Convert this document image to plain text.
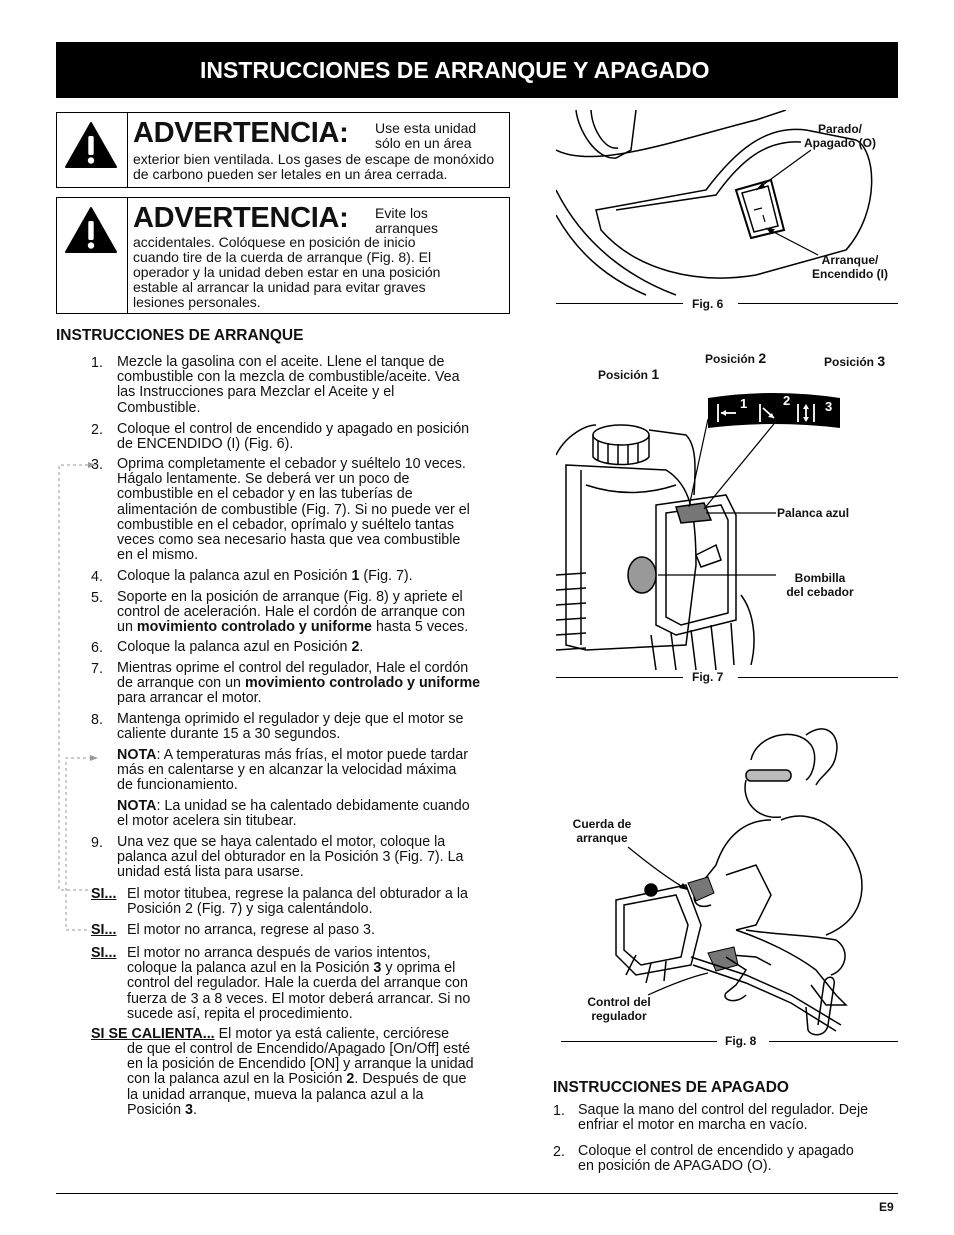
INSTRUCCIONES DE ARRANQUE Y APAGADO
ADVERTENCIA: Use esta unidad
sólo en un área
exterior bien ventilada. Los gases de escape de monóxido
de carbono pueden ser letales en un área cerrada.
ADVERTENCIA: Evite los
arranques
accidentales. Colóquese en posición de inicio
cuando tire de la cuerda de arranque (Fig. 8). El
operador y la unidad deben estar en una posición
estable al arrancar la unidad para evitar graves
lesiones personales.
INSTRUCCIONES DE ARRANQUE
1. Mezcle la gasolina con el aceite. Llene el tanque de
combustible con la mezcla de combustible/aceite. Vea
las Instrucciones para Mezclar el Aceite y el
Combustible.
2. Coloque el control de encendido y apagado en posición
de ENCENDIDO (I) (Fig. 6).
3. Oprima completamente el cebador y suéltelo 10 veces.
Hágalo lentamente. Se deberá ver un poco de
combustible en el cebador y en las tuberías de
alimentación de combustible (Fig. 7). Si no puede ver el
combustible en el cebador, oprímalo y suéltelo tantas
veces como sea necesario hasta que vea combustible
en el mismo.
4. Coloque la palanca azul en Posición 1 (Fig. 7).
5. Soporte en la posición de arranque (Fig. 8) y apriete el
control de aceleración. Hale el cordón de arranque con
un movimiento controlado y uniforme hasta 5 veces.
6. Coloque la palanca azul en Posición 2.
7. Mientras oprime el control del regulador, Hale el cordón
de arranque con un movimiento controlado y uniforme
para arrancar el motor.
8. Mantenga oprimido el regulador y deje que el motor se
caliente durante 15 a 30 segundos.
NOTA: A temperaturas más frías, el motor puede tardar
más en calentarse y en alcanzar la velocidad máxima
de funcionamiento.
NOTA: La unidad se ha calentado debidamente cuando
el motor acelera sin titubear.
9. Una vez que se haya calentado el motor, coloque la
palanca azul del obturador en la Posición 3 (Fig. 7). La
unidad está lista para usarse.
SI... El motor titubea, regrese la palanca del obturador a la
Posición 2 (Fig. 7) y siga calentándolo.
SI... El motor no arranca, regrese al paso 3.
SI... El motor no arranca después de varios intentos,
coloque la palanca azul en la Posición 3 y oprima el
control del regulador. Hale la cuerda del arranque con
fuerza de 3 a 8 veces. El motor deberá arrancar. Si no
sucede así, repita el procedimiento.
SI SE CALIENTA... El motor ya está caliente, cerciórese
de que el control de Encendido/Apagado [On/Off] esté
en la posición de Encendido [ON] y arranque la unidad
con la palanca azul en la Posición 2. Después de que
la unidad arranque, mueva la palanca azul a la
Posición 3.
Parado/
Apagado (O)
Arranque/
Encendido (I)
Fig. 6
Posición 1
Posición 2	Posición 3
1	2	3
Palanca azul
Bombilla
del cebador
Fig. 7
Cuerda de
arranque
Control del
regulador
Fig. 8
INSTRUCCIONES DE APAGADO
1. Saque la mano del control del regulador. Deje
enfriar el motor en marcha en vacío.
2. Coloque el control de encendido y apagado
en posición de APAGADO (O).
E9
